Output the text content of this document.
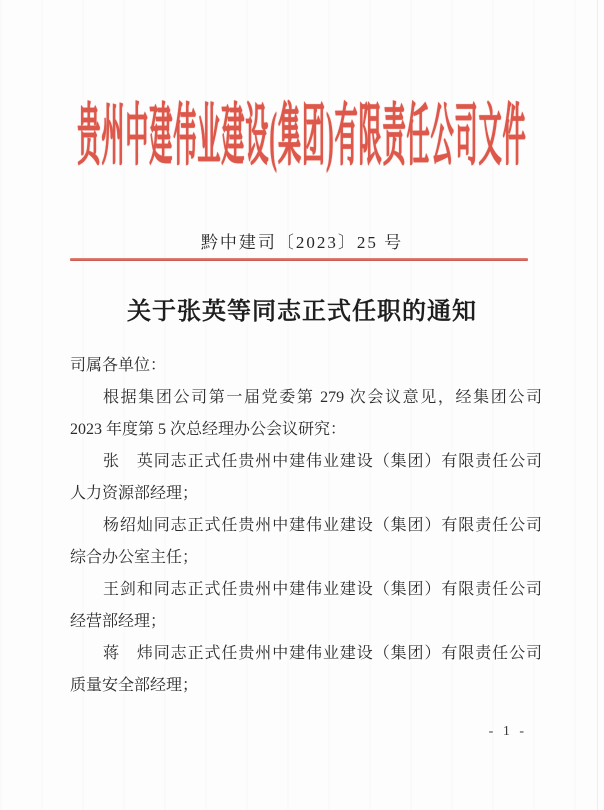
贵州中建伟业建设(集团)有限责任公司文件
黔中建司〔2023〕25 号
关于张英等同志正式任职的通知
司属各单位：
根据集团公司第一届党委第 279 次会议意见，经集团公司
2023 年度第 5 次总经理办公会议研究：
张　英同志正式任贵州中建伟业建设（集团）有限责任公司
人力资源部经理；
杨绍灿同志正式任贵州中建伟业建设（集团）有限责任公司
综合办公室主任；
王剑和同志正式任贵州中建伟业建设（集团）有限责任公司
经营部经理；
蒋　炜同志正式任贵州中建伟业建设（集团）有限责任公司
质量安全部经理；
- 1 -
